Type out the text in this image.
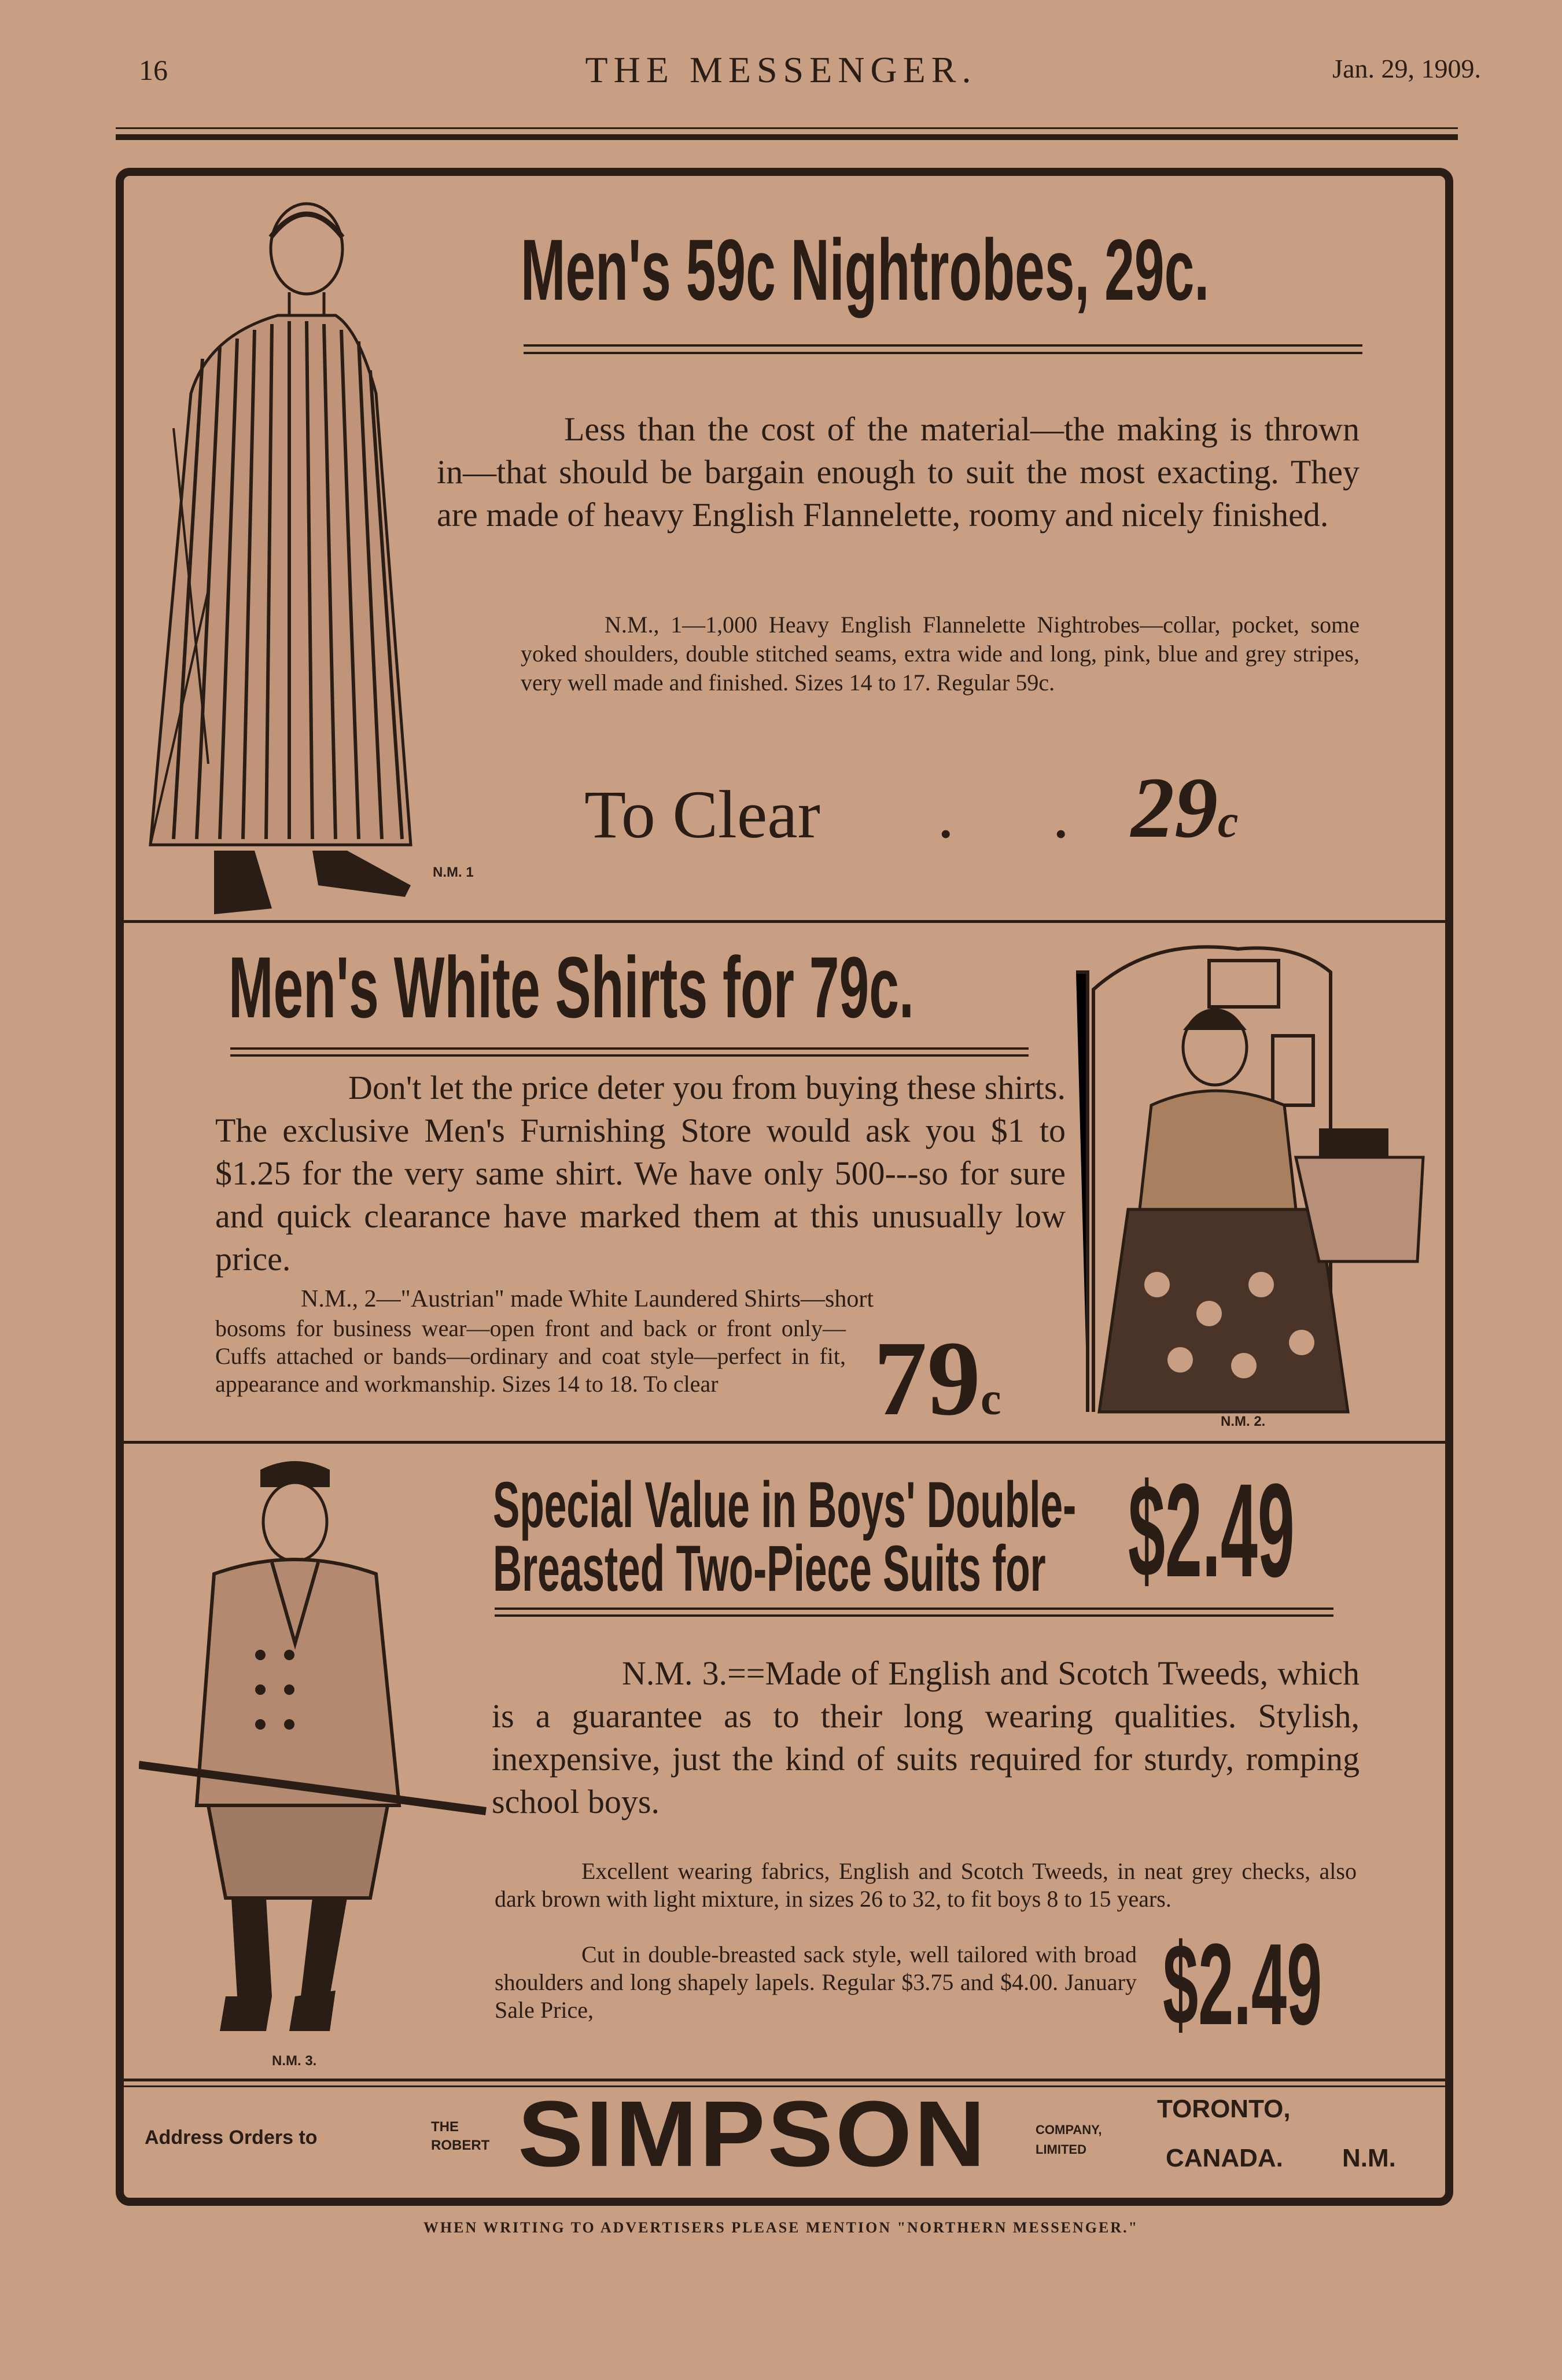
16	THE MESSENGER.	Jan. 29, 1909.
N.M. 1
Men's 59c Nightrobes, 29c.
Less than the cost of the material—the making is thrown in—that should be bargain enough to suit the most exacting. They are made of heavy English Flannelette, roomy and nicely finished.
N.M., 1—1,000 Heavy English Flannelette Nightrobes—collar, pocket, some yoked shoulders, double stitched seams, extra wide and long, pink, blue and grey stripes, very well made and finished. Sizes 14 to 17. Regular 59c.
To Clear . . 29c
Men's White Shirts for 79c.
Don't let the price deter you from buying these shirts. The exclusive Men's Furnishing Store would ask you $1 to $1.25 for the very same shirt. We have only 500---so for sure and quick clearance have marked them at this unusually low price.
N.M., 2—"Austrian" made White Laundered Shirts—short
bosoms for business wear—open front and back or front only—Cuffs attached or bands—ordinary and coat style—perfect in fit, appearance and workmanship. Sizes 14 to 18. To clear	79c	N.M. 2.
N.M. 3.
Special Value in Boys' Double-
Breasted Two-Piece Suits for $2.49
N.M. 3.==Made of English and Scotch Tweeds, which is a guarantee as to their long wearing qualities. Stylish, inexpensive, just the kind of suits required for sturdy, romping school boys.
Excellent wearing fabrics, English and Scotch Tweeds, in neat grey checks, also dark brown with light mixture, in sizes 26 to 32, to fit boys 8 to 15 years.
Cut in double-breasted sack style, well tailored with broad shoulders and long shapely lapels. Regular $3.75 and $4.00. January Sale Price,	$2.49
Address Orders to	THE ROBERT SIMPSON	COMPANY, LIMITED
TORONTO,
CANADA. N.M.
WHEN WRITING TO ADVERTISERS PLEASE MENTION "NORTHERN MESSENGER."
